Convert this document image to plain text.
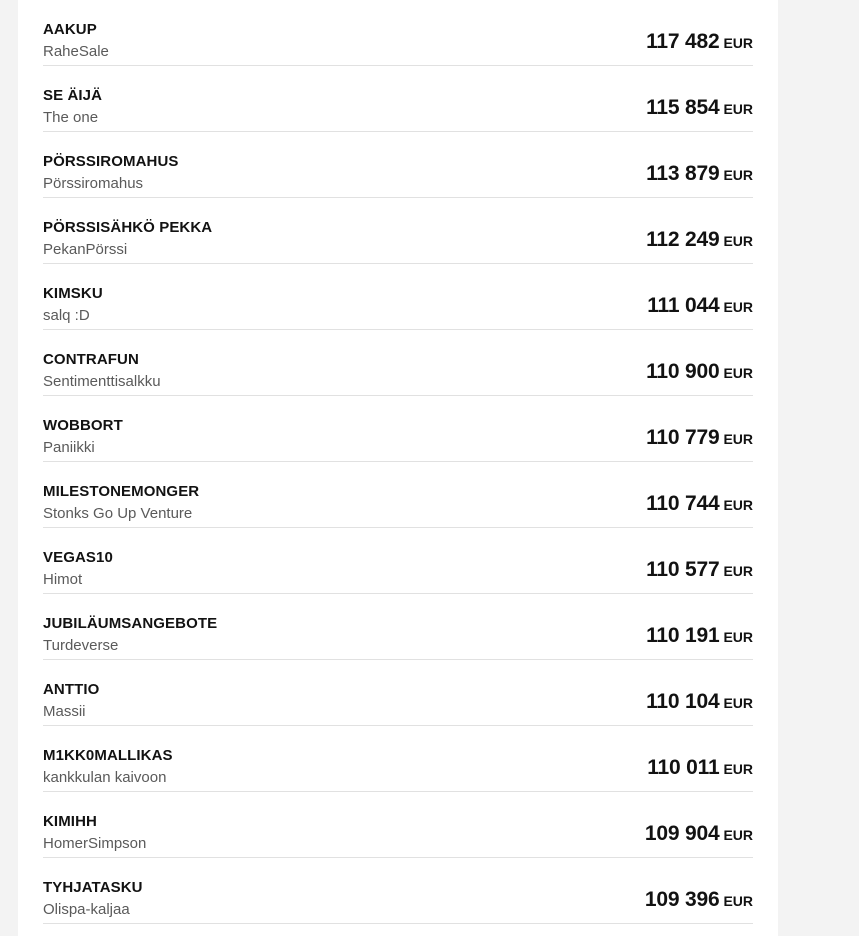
AAKUP
RaheSale	117 482 EUR
SE ÄIJÄ
The one	115 854 EUR
PÖRSSIROMAHUS
Pörssiromahus	113 879 EUR
PÖRSSISÄHKÖ PEKKA
PekanPörssi	112 249 EUR
KIMSKU
salq :D	111 044 EUR
CONTRAFUN
Sentimenttisalkku	110 900 EUR
WOBBORT
Paniikki	110 779 EUR
MILESTONEMONGER
Stonks Go Up Venture	110 744 EUR
VEGAS10
Himot	110 577 EUR
JUBILÄUMSANGEBOTE
Turdeverse	110 191 EUR
ANTTIO
Massii	110 104 EUR
M1KK0MALLIKAS
kankkulan kaivoon	110 011 EUR
KIMIHH
HomerSimpson	109 904 EUR
TYHJATASKU
Olispa-kaljaa	109 396 EUR
